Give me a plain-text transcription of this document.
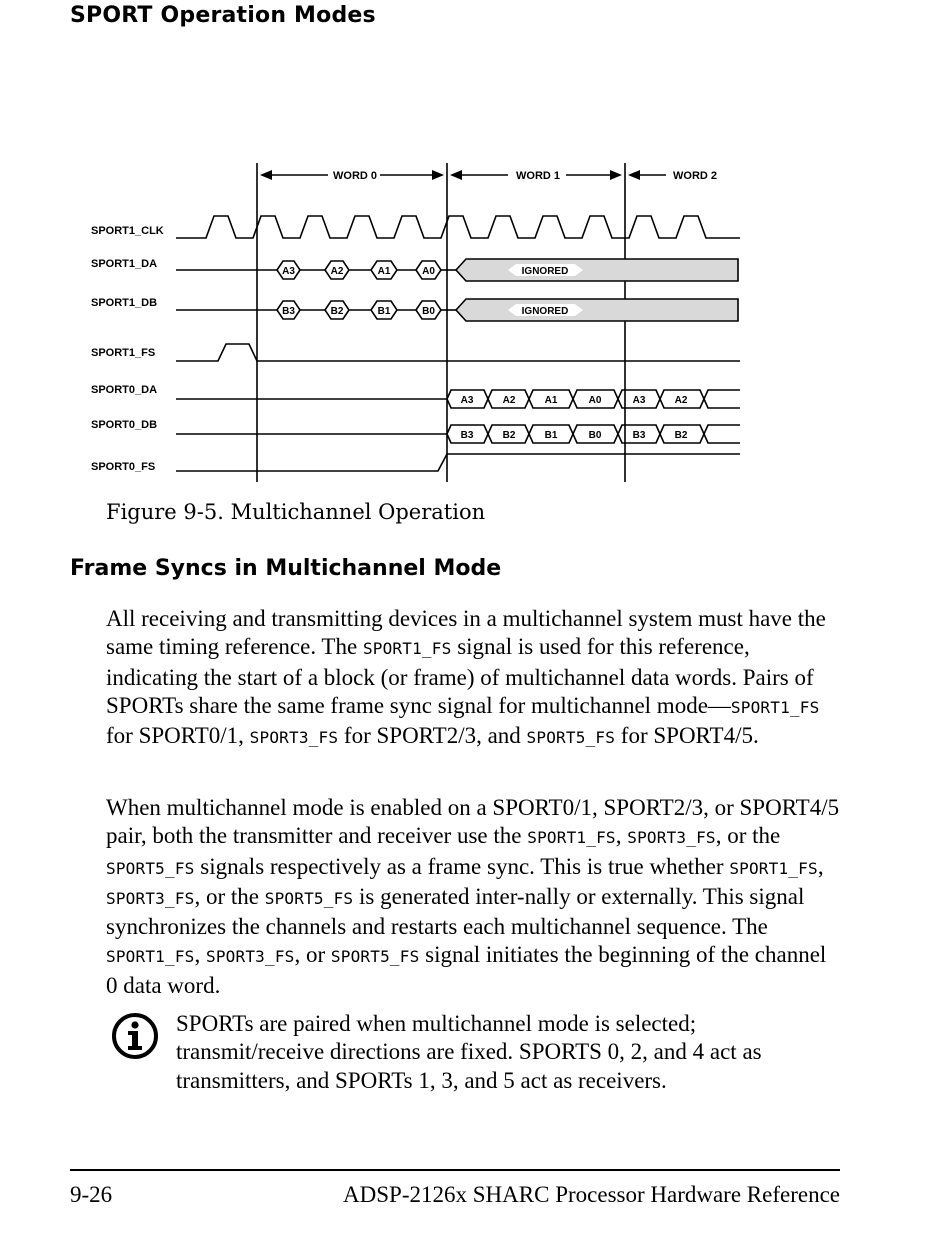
SPORT Operation Modes
WORD 0	WORD 1	WORD 2
SPORT1_CLK
SPORT1_DA
SPORT1_DB
SPORT1_FS
SPORT0_DA
SPORT0_DB
SPORT0_FS
A3	A2	A1	A0
B3	B2	B1	B0
IGNORED
IGNORED
A3	A2	A1	A0	A3	A2
B3	B2	B1	B0	B3	B2
Figure 9-5. Multichannel Operation
Frame Syncs in Multichannel Mode
All receiving and transmitting devices in a multichannel system must have the same timing reference. The SPORT1_FS signal is used for this reference, indicating the start of a block (or frame) of multichannel data words. Pairs of SPORTs share the same frame sync signal for multichannel mode—SPORT1_FS for SPORT0/1, SPORT3_FS for SPORT2/3, and SPORT5_FS for SPORT4/5.
When multichannel mode is enabled on a SPORT0/1, SPORT2/3, or SPORT4/5 pair, both the transmitter and receiver use the SPORT1_FS, SPORT3_FS, or the SPORT5_FS signals respectively as a frame sync. This is true whether SPORT1_FS, SPORT3_FS, or the SPORT5_FS is generated inter-nally or externally. This signal synchronizes the channels and restarts each multichannel sequence. The SPORT1_FS, SPORT3_FS, or SPORT5_FS signal initiates the beginning of the channel 0 data word.
SPORTs are paired when multichannel mode is selected; transmit/receive directions are fixed. SPORTS 0, 2, and 4 act as transmitters, and SPORTs 1, 3, and 5 act as receivers.
9-26	ADSP-2126x SHARC Processor Hardware Reference
